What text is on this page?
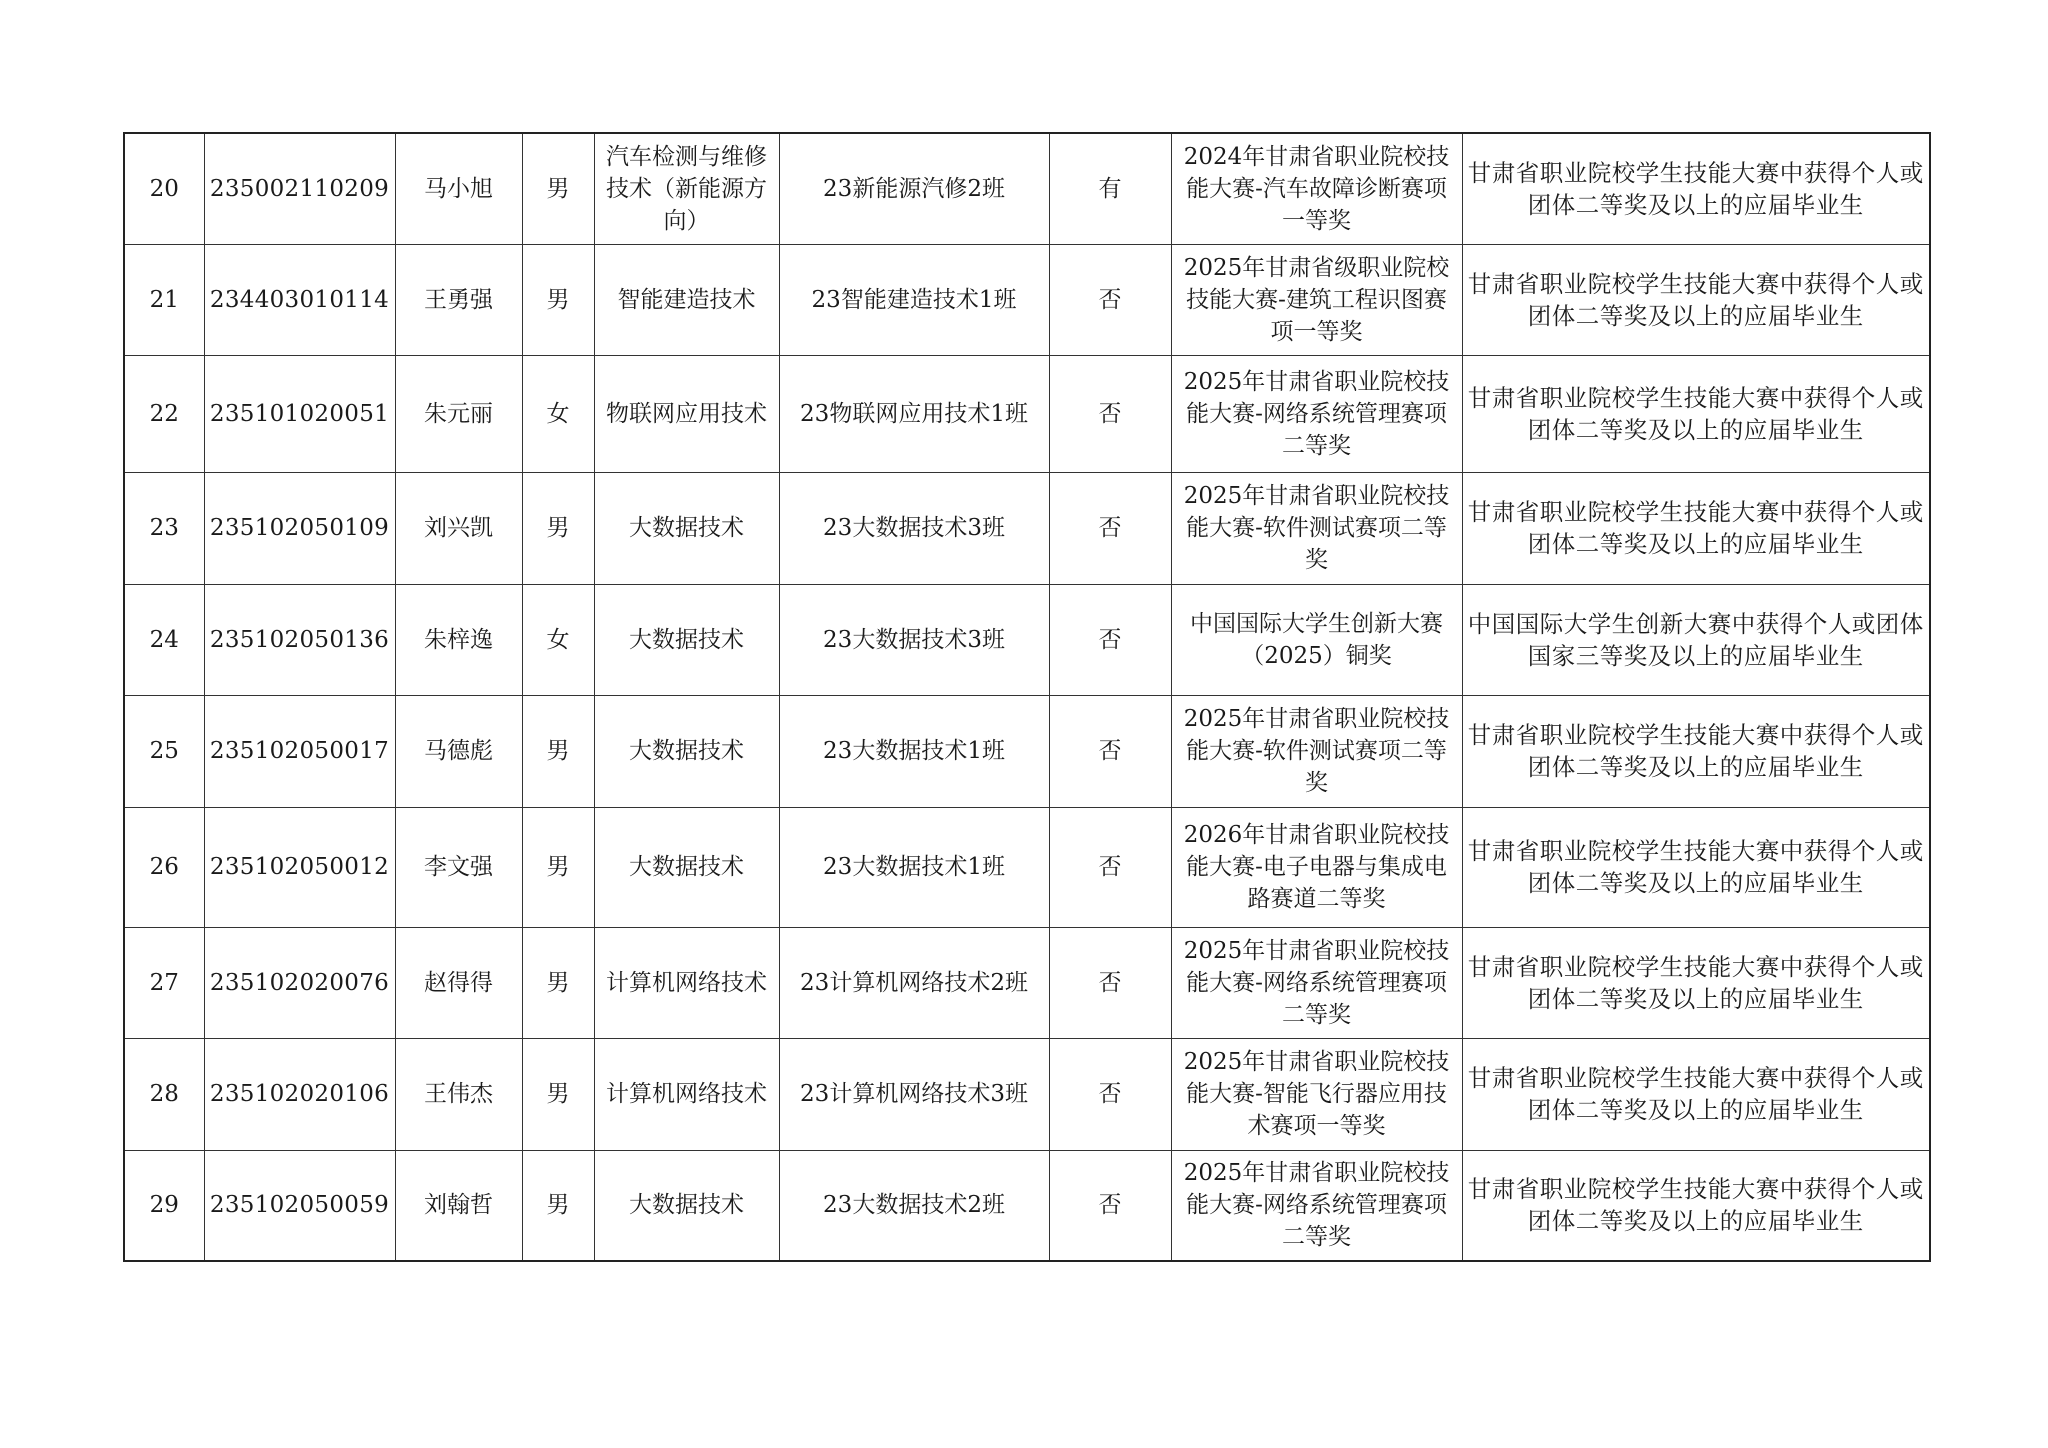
20	235002110209	马小旭	男	汽车检测与维修技术（新能源方向）	23新能源汽修2班	有	2024年甘肃省职业院校技能大赛-汽车故障诊断赛项一等奖	甘肃省职业院校学生技能大赛中获得个人或团体二等奖及以上的应届毕业生
21	234403010114	王勇强	男	智能建造技术	23智能建造技术1班	否	2025年甘肃省级职业院校技能大赛-建筑工程识图赛项一等奖	甘肃省职业院校学生技能大赛中获得个人或团体二等奖及以上的应届毕业生
22	235101020051	朱元丽	女	物联网应用技术	23物联网应用技术1班	否	2025年甘肃省职业院校技能大赛-网络系统管理赛项二等奖	甘肃省职业院校学生技能大赛中获得个人或团体二等奖及以上的应届毕业生
23	235102050109	刘兴凯	男	大数据技术	23大数据技术3班	否	2025年甘肃省职业院校技能大赛-软件测试赛项二等奖	甘肃省职业院校学生技能大赛中获得个人或团体二等奖及以上的应届毕业生
24	235102050136	朱梓逸	女	大数据技术	23大数据技术3班	否	中国国际大学生创新大赛（2025）铜奖	中国国际大学生创新大赛中获得个人或团体国家三等奖及以上的应届毕业生
25	235102050017	马德彪	男	大数据技术	23大数据技术1班	否	2025年甘肃省职业院校技能大赛-软件测试赛项二等奖	甘肃省职业院校学生技能大赛中获得个人或团体二等奖及以上的应届毕业生
26	235102050012	李文强	男	大数据技术	23大数据技术1班	否	2026年甘肃省职业院校技能大赛-电子电器与集成电路赛道二等奖	甘肃省职业院校学生技能大赛中获得个人或团体二等奖及以上的应届毕业生
27	235102020076	赵得得	男	计算机网络技术	23计算机网络技术2班	否	2025年甘肃省职业院校技能大赛-网络系统管理赛项二等奖	甘肃省职业院校学生技能大赛中获得个人或团体二等奖及以上的应届毕业生
28	235102020106	王伟杰	男	计算机网络技术	23计算机网络技术3班	否	2025年甘肃省职业院校技能大赛-智能飞行器应用技术赛项一等奖	甘肃省职业院校学生技能大赛中获得个人或团体二等奖及以上的应届毕业生
29	235102050059	刘翰哲	男	大数据技术	23大数据技术2班	否	2025年甘肃省职业院校技能大赛-网络系统管理赛项二等奖	甘肃省职业院校学生技能大赛中获得个人或团体二等奖及以上的应届毕业生
